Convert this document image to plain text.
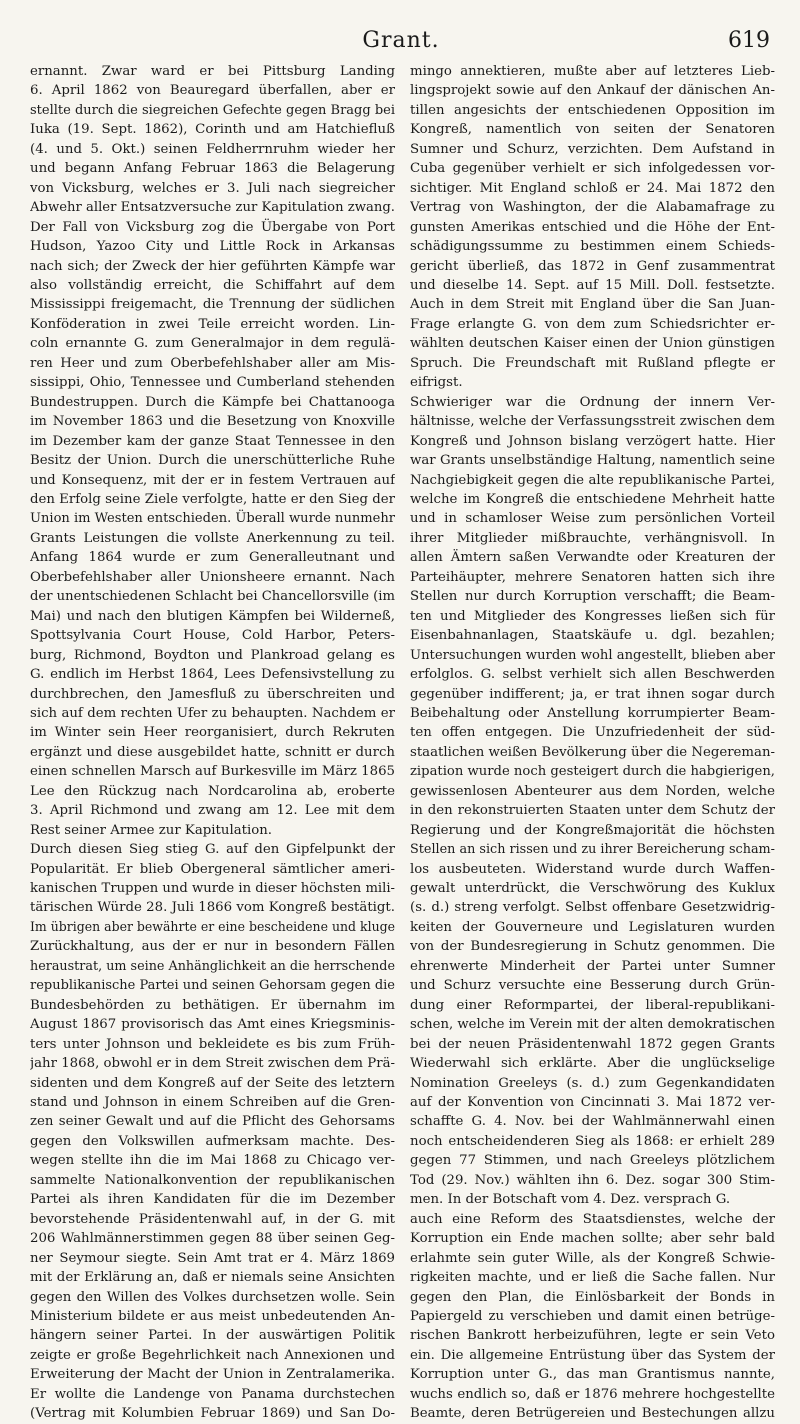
Grant.	619
ernannt. Zwar ward er bei Pittsburg Landing
6. April 1862 von Beauregard überfallen, aber er
stellte durch die siegreichen Gefechte gegen Bragg bei
Iuka (19. Sept. 1862), Corinth und am Hatchiefluß
(4. und 5. Okt.) seinen Feldherrnruhm wieder her
und begann Anfang Februar 1863 die Belagerung
von Vicksburg, welches er 3. Juli nach siegreicher
Abwehr aller Entsatzversuche zur Kapitulation zwang.
Der Fall von Vicksburg zog die Übergabe von Port
Hudson, Yazoo City und Little Rock in Arkansas
nach sich; der Zweck der hier geführten Kämpfe war
also vollständig erreicht, die Schiffahrt auf dem
Mississippi freigemacht, die Trennung der südlichen
Konföderation in zwei Teile erreicht worden. Lin-
coln ernannte G. zum Generalmajor in dem regulä-
ren Heer und zum Oberbefehlshaber aller am Mis-
sissippi, Ohio, Tennessee und Cumberland stehenden
Bundestruppen. Durch die Kämpfe bei Chattanooga
im November 1863 und die Besetzung von Knoxville
im Dezember kam der ganze Staat Tennessee in den
Besitz der Union. Durch die unerschütterliche Ruhe
und Konsequenz, mit der er in festem Vertrauen auf
den Erfolg seine Ziele verfolgte, hatte er den Sieg der
Union im Westen entschieden. Überall wurde nunmehr
Grants Leistungen die vollste Anerkennung zu teil.
Anfang 1864 wurde er zum Generalleutnant und
Oberbefehlshaber aller Unionsheere ernannt. Nach
der unentschiedenen Schlacht bei Chancellorsville (im
Mai) und nach den blutigen Kämpfen bei Wilderneß,
Spottsylvania Court House, Cold Harbor, Peters-
burg, Richmond, Boydton und Plankroad gelang es
G. endlich im Herbst 1864, Lees Defensivstellung zu
durchbrechen, den Jamesfluß zu überschreiten und
sich auf dem rechten Ufer zu behaupten. Nachdem er
im Winter sein Heer reorganisiert, durch Rekruten
ergänzt und diese ausgebildet hatte, schnitt er durch
einen schnellen Marsch auf Burkesville im März 1865
Lee den Rückzug nach Nordcarolina ab, eroberte
3. April Richmond und zwang am 12. Lee mit dem
Rest seiner Armee zur Kapitulation.
Durch diesen Sieg stieg G. auf den Gipfelpunkt der
Popularität. Er blieb Obergeneral sämtlicher ameri-
kanischen Truppen und wurde in dieser höchsten mili-
tärischen Würde 28. Juli 1866 vom Kongreß bestätigt.
Im übrigen aber bewährte er eine bescheidene und kluge
Zurückhaltung, aus der er nur in besondern Fällen
heraustrat, um seine Anhänglichkeit an die herrschende
republikanische Partei und seinen Gehorsam gegen die
Bundesbehörden zu bethätigen. Er übernahm im
August 1867 provisorisch das Amt eines Kriegsminis-
ters unter Johnson und bekleidete es bis zum Früh-
jahr 1868, obwohl er in dem Streit zwischen dem Prä-
sidenten und dem Kongreß auf der Seite des letztern
stand und Johnson in einem Schreiben auf die Gren-
zen seiner Gewalt und auf die Pflicht des Gehorsams
gegen den Volkswillen aufmerksam machte. Des-
wegen stellte ihn die im Mai 1868 zu Chicago ver-
sammelte Nationalkonvention der republikanischen
Partei als ihren Kandidaten für die im Dezember
bevorstehende Präsidentenwahl auf, in der G. mit
206 Wahlmännerstimmen gegen 88 über seinen Geg-
ner Seymour siegte. Sein Amt trat er 4. März 1869
mit der Erklärung an, daß er niemals seine Ansichten
gegen den Willen des Volkes durchsetzen wolle. Sein
Ministerium bildete er aus meist unbedeutenden An-
hängern seiner Partei. In der auswärtigen Politik
zeigte er große Begehrlichkeit nach Annexionen und
Erweiterung der Macht der Union in Zentralamerika.
Er wollte die Landenge von Panama durchstechen
(Vertrag mit Kolumbien Februar 1869) und San Do-
mingo annektieren, mußte aber auf letzteres Lieb-
lingsprojekt sowie auf den Ankauf der dänischen An-
tillen angesichts der entschiedenen Opposition im
Kongreß, namentlich von seiten der Senatoren
Sumner und Schurz, verzichten. Dem Aufstand in
Cuba gegenüber verhielt er sich infolgedessen vor-
sichtiger. Mit England schloß er 24. Mai 1872 den
Vertrag von Washington, der die Alabamafrage zu
gunsten Amerikas entschied und die Höhe der Ent-
schädigungssumme zu bestimmen einem Schieds-
gericht überließ, das 1872 in Genf zusammentrat
und dieselbe 14. Sept. auf 15 Mill. Doll. festsetzte.
Auch in dem Streit mit England über die San Juan-
Frage erlangte G. von dem zum Schiedsrichter er-
wählten deutschen Kaiser einen der Union günstigen
Spruch. Die Freundschaft mit Rußland pflegte er
eifrigst.
Schwieriger war die Ordnung der innern Ver-
hältnisse, welche der Verfassungsstreit zwischen dem
Kongreß und Johnson bislang verzögert hatte. Hier
war Grants unselbständige Haltung, namentlich seine
Nachgiebigkeit gegen die alte republikanische Partei,
welche im Kongreß die entschiedene Mehrheit hatte
und in schamloser Weise zum persönlichen Vorteil
ihrer Mitglieder mißbrauchte, verhängnisvoll. In
allen Ämtern saßen Verwandte oder Kreaturen der
Parteihäupter, mehrere Senatoren hatten sich ihre
Stellen nur durch Korruption verschafft; die Beam-
ten und Mitglieder des Kongresses ließen sich für
Eisenbahnanlagen, Staatskäufe u. dgl. bezahlen;
Untersuchungen wurden wohl angestellt, blieben aber
erfolglos. G. selbst verhielt sich allen Beschwerden
gegenüber indifferent; ja, er trat ihnen sogar durch
Beibehaltung oder Anstellung korrumpierter Beam-
ten offen entgegen. Die Unzufriedenheit der süd-
staatlichen weißen Bevölkerung über die Negereman-
zipation wurde noch gesteigert durch die habgierigen,
gewissenlosen Abenteurer aus dem Norden, welche
in den rekonstruierten Staaten unter dem Schutz der
Regierung und der Kongreßmajorität die höchsten
Stellen an sich rissen und zu ihrer Bereicherung scham-
los ausbeuteten. Widerstand wurde durch Waffen-
gewalt unterdrückt, die Verschwörung des Kuklux
(s. d.) streng verfolgt. Selbst offenbare Gesetzwidrig-
keiten der Gouverneure und Legislaturen wurden
von der Bundesregierung in Schutz genommen. Die
ehrenwerte Minderheit der Partei unter Sumner
und Schurz versuchte eine Besserung durch Grün-
dung einer Reformpartei, der liberal-republikani-
schen, welche im Verein mit der alten demokratischen
bei der neuen Präsidentenwahl 1872 gegen Grants
Wiederwahl sich erklärte. Aber die unglückselige
Nomination Greeleys (s. d.) zum Gegenkandidaten
auf der Konvention von Cincinnati 3. Mai 1872 ver-
schaffte G. 4. Nov. bei der Wahlmännerwahl einen
noch entscheidenderen Sieg als 1868: er erhielt 289
gegen 77 Stimmen, und nach Greeleys plötzlichem
Tod (29. Nov.) wählten ihn 6. Dez. sogar 300 Stim-
men. In der Botschaft vom 4. Dez. versprach G.
auch eine Reform des Staatsdienstes, welche der
Korruption ein Ende machen sollte; aber sehr bald
erlahmte sein guter Wille, als der Kongreß Schwie-
rigkeiten machte, und er ließ die Sache fallen. Nur
gegen den Plan, die Einlösbarkeit der Bonds in
Papiergeld zu verschieben und damit einen betrüge-
rischen Bankrott herbeizuführen, legte er sein Veto
ein. Die allgemeine Entrüstung über das System der
Korruption unter G., das man Grantismus nannte,
wuchs endlich so, daß er 1876 mehrere hochgestellte
Beamte, deren Betrügereien und Bestechungen allzu
